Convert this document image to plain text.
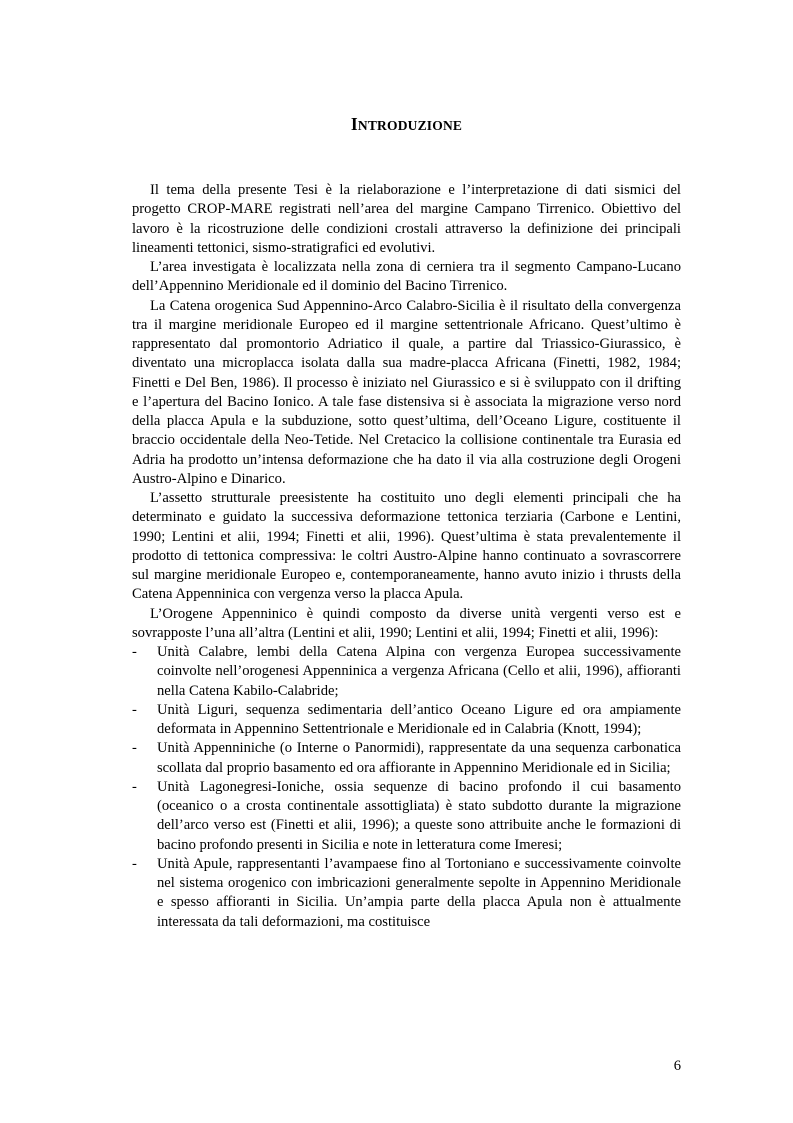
INTRODUZIONE

Il tema della presente Tesi è la rielaborazione e l’interpretazione di dati sismici del progetto CROP-MARE registrati nell’area del margine Campano Tirrenico. Obiettivo del lavoro è la ricostruzione delle condizioni crostali attraverso la definizione dei principali lineamenti tettonici, sismo-stratigrafici ed evolutivi.

L’area investigata è localizzata nella zona di cerniera tra il segmento Campano-Lucano dell’Appennino Meridionale ed il dominio del Bacino Tirrenico.

La Catena orogenica Sud Appennino-Arco Calabro-Sicilia è il risultato della convergenza tra il margine meridionale Europeo ed il margine settentrionale Africano. Quest’ultimo è rappresentato dal promontorio Adriatico il quale, a partire dal Triassico-Giurassico, è diventato una microplacca isolata dalla sua madre-placca Africana (Finetti, 1982, 1984; Finetti e Del Ben, 1986). Il processo è iniziato nel Giurassico e si è sviluppato con il drifting e l’apertura del Bacino Ionico. A tale fase distensiva si è associata la migrazione verso nord della placca Apula e la subduzione, sotto quest’ultima, dell’Oceano Ligure, costituente il braccio occidentale della Neo-Tetide. Nel Cretacico la collisione continentale tra Eurasia ed Adria ha prodotto un’intensa deformazione che ha dato il via alla costruzione degli Orogeni Austro-Alpino e Dinarico.

L’assetto strutturale preesistente ha costituito uno degli elementi principali che ha determinato e guidato la successiva deformazione tettonica terziaria (Carbone e Lentini, 1990; Lentini et alii, 1994; Finetti et alii, 1996). Quest’ultima è stata prevalentemente il prodotto di tettonica compressiva: le coltri Austro-Alpine hanno continuato a sovrascorrere sul margine meridionale Europeo e, contemporaneamente, hanno avuto inizio i thrusts della Catena Appenninica con vergenza verso la placca Apula.

L’Orogene Appenninico è quindi composto da diverse unità vergenti verso est e sovrapposte l’una all’altra (Lentini et alii, 1990; Lentini et alii, 1994; Finetti et alii, 1996):

- Unità Calabre, lembi della Catena Alpina con vergenza Europea successivamente coinvolte nell’orogenesi Appenninica a vergenza Africana (Cello et alii, 1996), affioranti nella Catena Kabilo-Calabride;
- Unità Liguri, sequenza sedimentaria dell’antico Oceano Ligure ed ora ampiamente deformata in Appennino Settentrionale e Meridionale ed in Calabria (Knott, 1994);
- Unità Appenniniche (o Interne o Panormidi), rappresentate da una sequenza carbonatica scollata dal proprio basamento ed ora affiorante in Appennino Meridionale ed in Sicilia;
- Unità Lagonegresi-Ioniche, ossia sequenze di bacino profondo il cui basamento (oceanico o a crosta continentale assottigliata) è stato subdotto durante la migrazione dell’arco verso est (Finetti et alii, 1996); a queste sono attribuite anche le formazioni di bacino profondo presenti in Sicilia e note in letteratura come Imeresi;
- Unità Apule, rappresentanti l’avampaese fino al Tortoniano e successivamente coinvolte nel sistema orogenico con imbricazioni generalmente sepolte in Appennino Meridionale e spesso affioranti in Sicilia. Un’ampia parte della placca Apula non è attualmente interessata da tali deformazioni, ma costituisce
6
